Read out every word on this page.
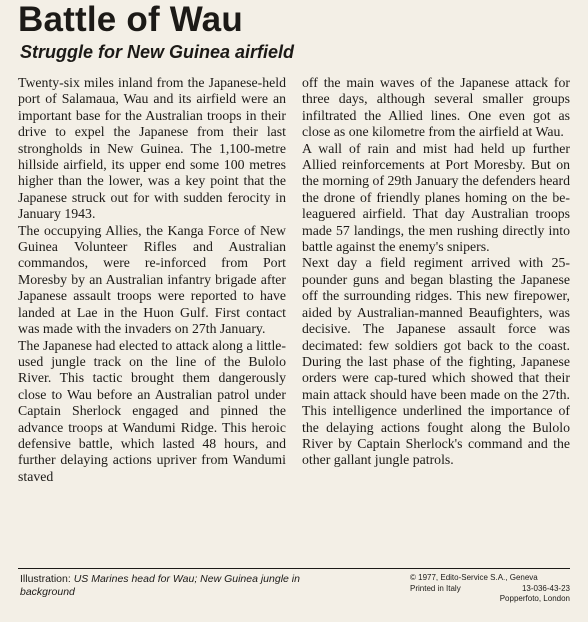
Battle of Wau
Struggle for New Guinea airfield

Twenty-six miles inland from the Japanese-held port of Salamaua, Wau and its airfield were an important base for the Australian troops in their drive to expel the Japanese from their last strongholds in New Guinea. The 1,100-metre hillside airfield, its upper end some 100 metres higher than the lower, was a key point that the Japanese struck out for with sudden ferocity in January 1943.

The occupying Allies, the Kanga Force of New Guinea Volunteer Rifles and Australian commandos, were re-inforced from Port Moresby by an Australian infantry brigade after Japanese assault troops were reported to have landed at Lae in the Huon Gulf. First contact was made with the invaders on 27th January.

The Japanese had elected to attack along a little-used jungle track on the line of the Bulolo River. This tactic brought them dangerously close to Wau before an Australian patrol under Captain Sherlock engaged and pinned the advance troops at Wandumi Ridge. This heroic defensive battle, which lasted 48 hours, and further delaying actions upriver from Wandumi staved

off the main waves of the Japanese attack for three days, although several smaller groups infiltrated the Allied lines. One even got as close as one kilometre from the airfield at Wau.

A wall of rain and mist had held up further Allied reinforcements at Port Moresby. But on the morning of 29th January the defenders heard the drone of friendly planes homing on the be-leaguered airfield. That day Australian troops made 57 landings, the men rushing directly into battle against the enemy's snipers.

Next day a field regiment arrived with 25-pounder guns and began blasting the Japanese off the surrounding ridges. This new firepower, aided by Australian-manned Beaufighters, was decisive. The Japanese assault force was decimated: few soldiers got back to the coast. During the last phase of the fighting, Japanese orders were cap-tured which showed that their main attack should have been made on the 27th. This intelligence underlined the importance of the delaying actions fought along the Bulolo River by Captain Sherlock's command and the other gallant jungle patrols.

Illustration: US Marines head for Wau; New Guinea jungle in background
© 1977, Edito-Service S.A., Geneva
Printed in Italy	13-036-43-23
Popperfoto, London
